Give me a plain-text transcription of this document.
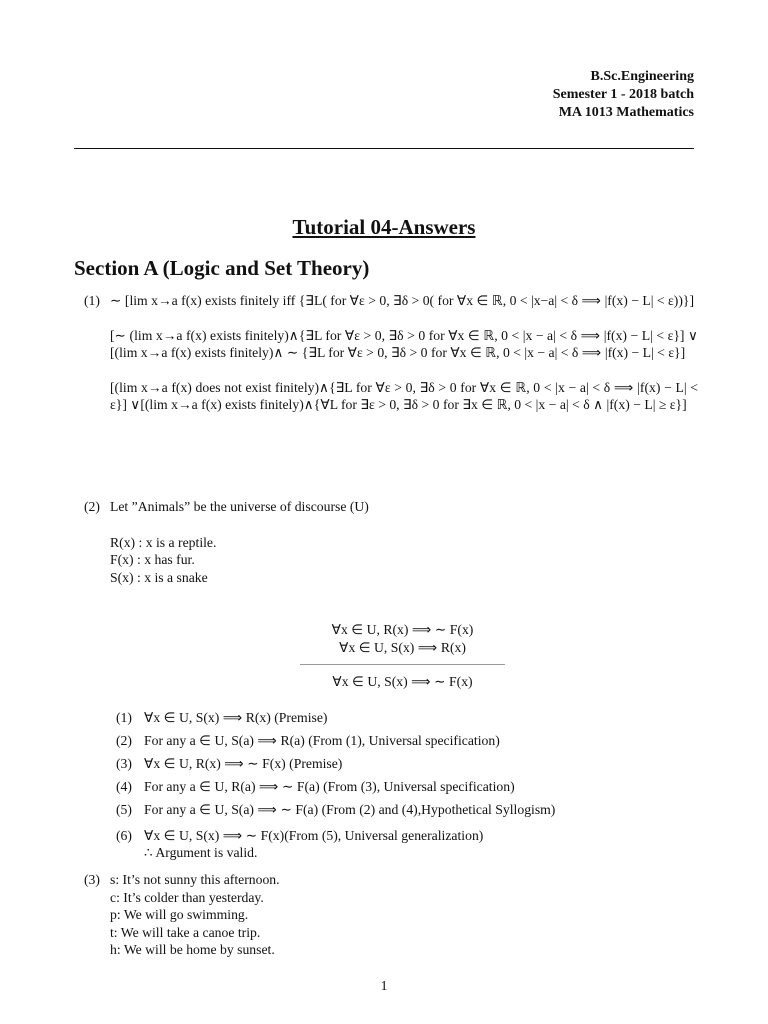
B.Sc.Engineering
Semester 1 - 2018 batch
MA 1013 Mathematics
Tutorial 04-Answers
Section A (Logic and Set Theory)
(1) ∼ [lim x→a f(x) exists finitely iff {∃L( for ∀ε > 0, ∃δ > 0( for ∀x ∈ ℝ, 0 < |x−a| < δ ⟹ |f(x) − L| < ε))}]

[∼ (lim x→a f(x) exists finitely)∧{∃L for ∀ε > 0, ∃δ > 0 for ∀x ∈ ℝ, 0 < |x − a| < δ ⟹ |f(x) − L| < ε}] ∨ [(lim x→a f(x) exists finitely)∧ ∼ {∃L for ∀ε > 0, ∃δ > 0 for ∀x ∈ ℝ, 0 < |x − a| < δ ⟹ |f(x) − L| < ε}]

[(lim x→a f(x) does not exist finitely)∧{∃L for ∀ε > 0, ∃δ > 0 for ∀x ∈ ℝ, 0 < |x − a| < δ ⟹ |f(x) − L| < ε}] ∨[(lim x→a f(x) exists finitely)∧{∀L for ∃ε > 0, ∃δ > 0 for ∃x ∈ ℝ, 0 < |x − a| < δ ∧ |f(x) − L| ≥ ε}]

(2) Let ”Animals” be the universe of discourse (U)

R(x) : x is a reptile.
F(x) : x has fur.
S(x) : x is a snake
∀x ∈ U, R(x) ⟹ ∼ F(x)
∀x ∈ U, S(x) ⟹ R(x)
∀x ∈ U, S(x) ⟹ ∼ F(x)
(1) ∀x ∈ U, S(x) ⟹ R(x) (Premise)
(2) For any a ∈ U, S(a) ⟹ R(a) (From (1), Universal specification)
(3) ∀x ∈ U, R(x) ⟹ ∼ F(x) (Premise)
(4) For any a ∈ U, R(a) ⟹ ∼ F(a) (From (3), Universal specification)
(5) For any a ∈ U, S(a) ⟹ ∼ F(a) (From (2) and (4),Hypothetical Syllogism)
(6) ∀x ∈ U, S(x) ⟹ ∼ F(x)(From (5), Universal generalization)
∴ Argument is valid.
(3) s: It’s not sunny this afternoon.
c: It’s colder than yesterday.
p: We will go swimming.
t: We will take a canoe trip.
h: We will be home by sunset.
1
